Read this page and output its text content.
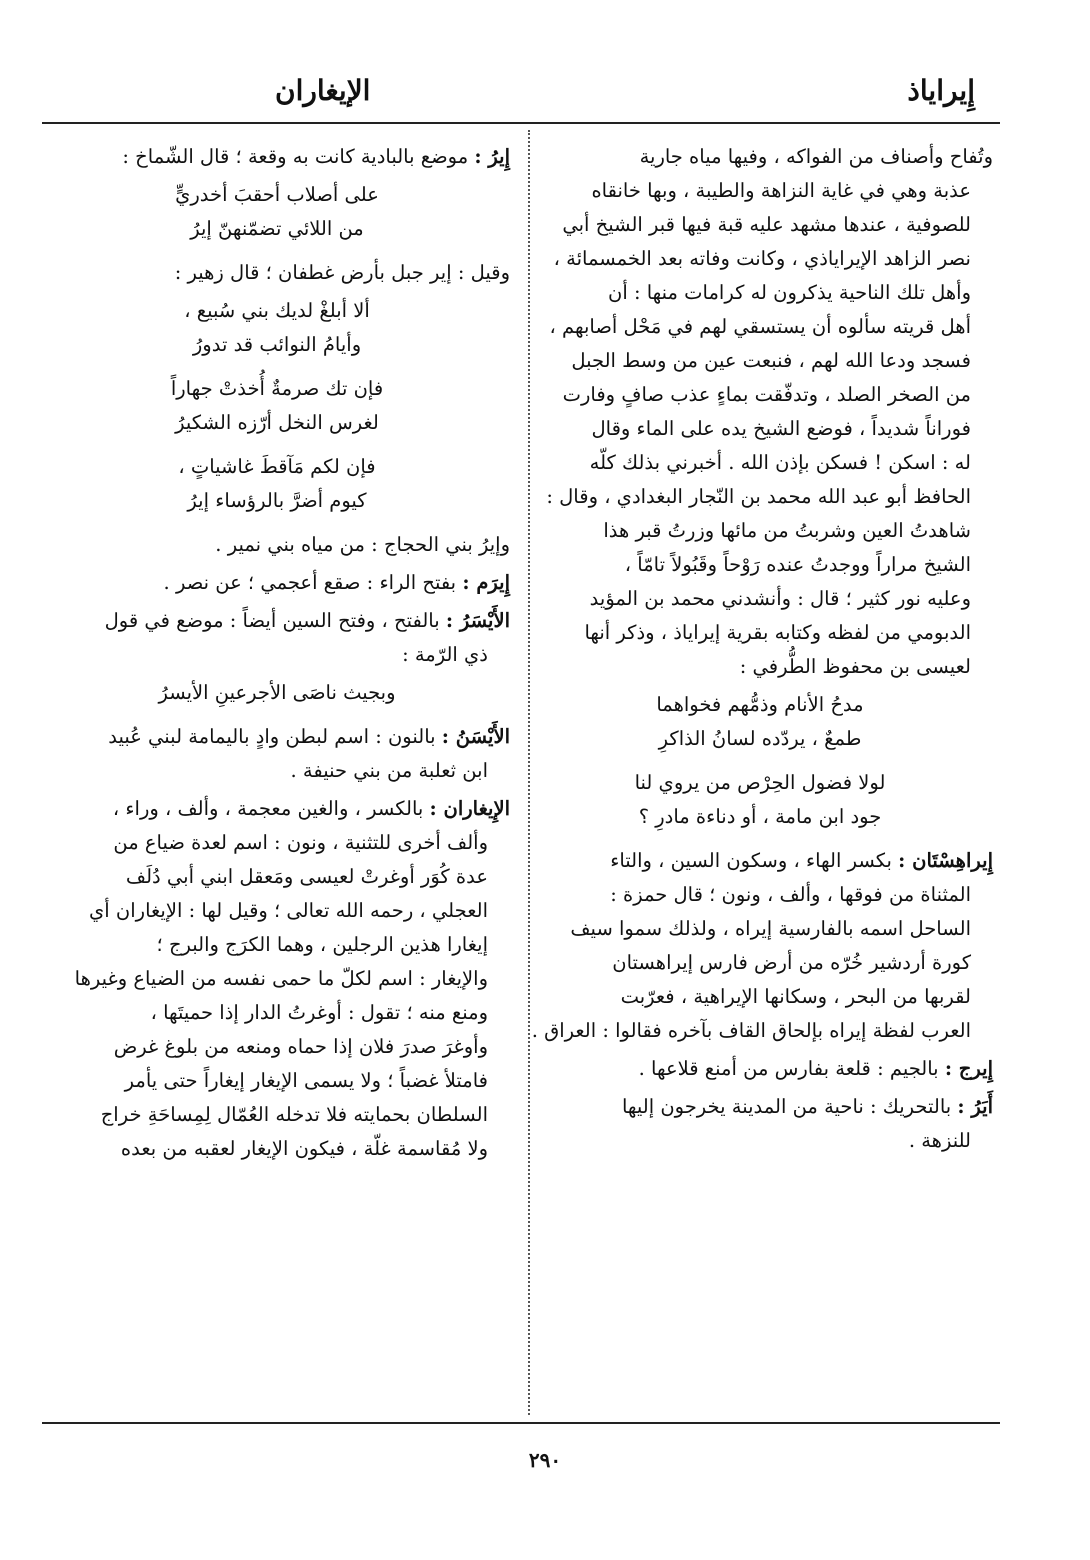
إِيراياذ
الإيغاران
وتُفاح وأصناف من الفواكه ، وفيها مياه جارية
عذبة وهي في غاية النزاهة والطيبة ، وبها خانقاه
للصوفية ، عندها مشهد عليه قبة فيها قبر الشيخ أبي
نصر الزاهد الإيراياذي ، وكانت وفاته بعد الخمسمائة ،
وأهل تلك الناحية يذكرون له كرامات منها : أن
أهل قريته سألوه أن يستسقي لهم في مَحْل أصابهم ،
فسجد ودعا الله لهم ، فنبعت عين من وسط الجبل
من الصخر الصلد ، وتدفّقت بماءٍ عذب صافٍ وفارت
فوراناً شديداً ، فوضع الشيخ يده على الماء وقال
له : اسكن ! فسكن بإذن الله . أخبرني بذلك كلّه
الحافظ أبو عبد الله محمد بن النّجار البغدادي ، وقال :
شاهدتُ العين وشربتُ من مائها وزرتُ قبر هذا
الشيخ مراراً ووجدتُ عنده رَوْحاً وقَبُولاً تامّاً ،
وعليه نور كثير ؛ قال : وأنشدني محمد بن المؤيد
الدبومي من لفظه وكتابه بقرية إيراياذ ، وذكر أنها
لعيسى بن محفوظ الطُّرفي :
مدحُ الأنام وذمُّهم فخواهما
طمعٌ ، يردّده لسانُ الذاكرِ
لولا فضول الحِرْص من يروي لنا
جود ابن مامة ، أو دناءة مادرِ ؟
إِيراهِسْتَان : بكسر الهاء ، وسكون السين ، والتاء
المثناة من فوقها ، وألف ، ونون ؛ قال حمزة :
الساحل اسمه بالفارسية إيراه ، ولذلك سموا سيف
كورة أردشير خُرّه من أرض فارس إيراهستان
لقربها من البحر ، وسكانها الإيراهية ، فعرّبت
العرب لفظة إيراه بإلحاق القاف بآخره فقالوا : العراق .
إِيرج : بالجيم : قلعة بفارس من أمنع قلاعها .
أَيَرُ : بالتحريك : ناحية من المدينة يخرجون إليها
للنزهة .
إِيرُ : موضع بالبادية كانت به وقعة ؛ قال الشّماخ :
على أصلاب أحقبَ أخدريٍّ
من اللائي تضمّنهنّ إيرُ
وقيل : إير جبل بأرض غطفان ؛ قال زهير :
ألا أبلغْ لديك بني سُبيع ،
وأيامُ النوائب قد تدورُ
فإن تك صرمةٌ أُخذتْ جهاراً
لغرس النخل أرّزه الشكيرُ
فإن لكم مَآقطَ غاشياتٍ ،
كيوم أضرَّ بالرؤساء إيرُ
وإيرُ بني الحجاج : من مياه بني نمير .
إِيرَم : بفتح الراء : صقع أعجمي ؛ عن نصر .
الأَيْسَرُ : بالفتح ، وفتح السين أيضاً : موضع في قول
ذي الرّمة :
وبجيث ناصَى الأجرعينِ الأيسرُ
الأَيْسَنُ : بالنون : اسم لبطن وادٍ باليمامة لبني عُبيد
ابن ثعلبة من بني حنيفة .
الإِيغاران : بالكسر ، والغين معجمة ، وألف ، وراء ،
وألف أخرى للتثنية ، ونون : اسم لعدة ضياع من
عدة كُوَر أوغرتْ لعيسى ومَعقل ابني أبي دُلَف
العجلي ، رحمه الله تعالى ؛ وقيل لها : الإيغاران أي
إيغارا هذين الرجلين ، وهما الكرَج والبرج ؛
والإيغار : اسم لكلّ ما حمى نفسه من الضياع وغيرها
ومنع منه ؛ تقول : أوغرتُ الدار إذا حميتَها ،
وأوغرَ صدرَ فلان إذا حماه ومنعه من بلوغ غرض
فامتلأ غضباً ؛ ولا يسمى الإيغار إيغاراً حتى يأمر
السلطان بحمايته فلا تدخله العُمّال لِمِساحَةِ خراج
ولا مُقاسمة غلّة ، فيكون الإيغار لعقبه من بعده
٢٩٠
